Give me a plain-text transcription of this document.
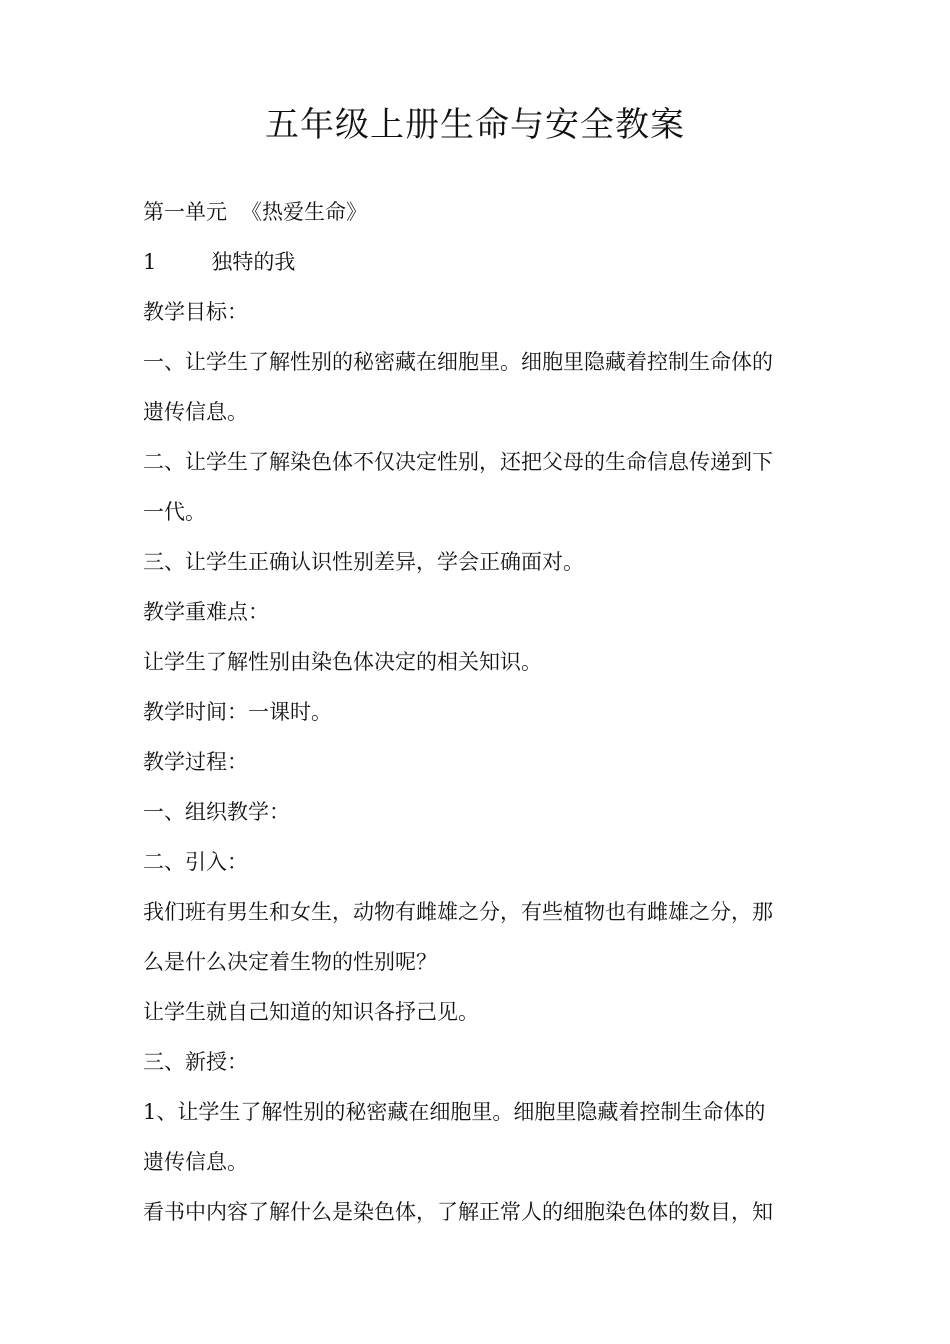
五年级上册生命与安全教案

第一单元 《热爱生命》

1	独特的我

教学目标：

一、让学生了解性别的秘密藏在细胞里。细胞里隐藏着控制生命体的

遗传信息。

二、让学生了解染色体不仅决定性别，还把父母的生命信息传递到下

一代。

三、让学生正确认识性别差异，学会正确面对。

教学重难点：

让学生了解性别由染色体决定的相关知识。

教学时间：一课时。

教学过程：

一、组织教学：

二、引入：

我们班有男生和女生，动物有雌雄之分，有些植物也有雌雄之分，那

么是什么决定着生物的性别呢？

让学生就自己知道的知识各抒己见。

三、新授：

1、让学生了解性别的秘密藏在细胞里。细胞里隐藏着控制生命体的

遗传信息。

看书中内容了解什么是染色体，了解正常人的细胞染色体的数目，知
